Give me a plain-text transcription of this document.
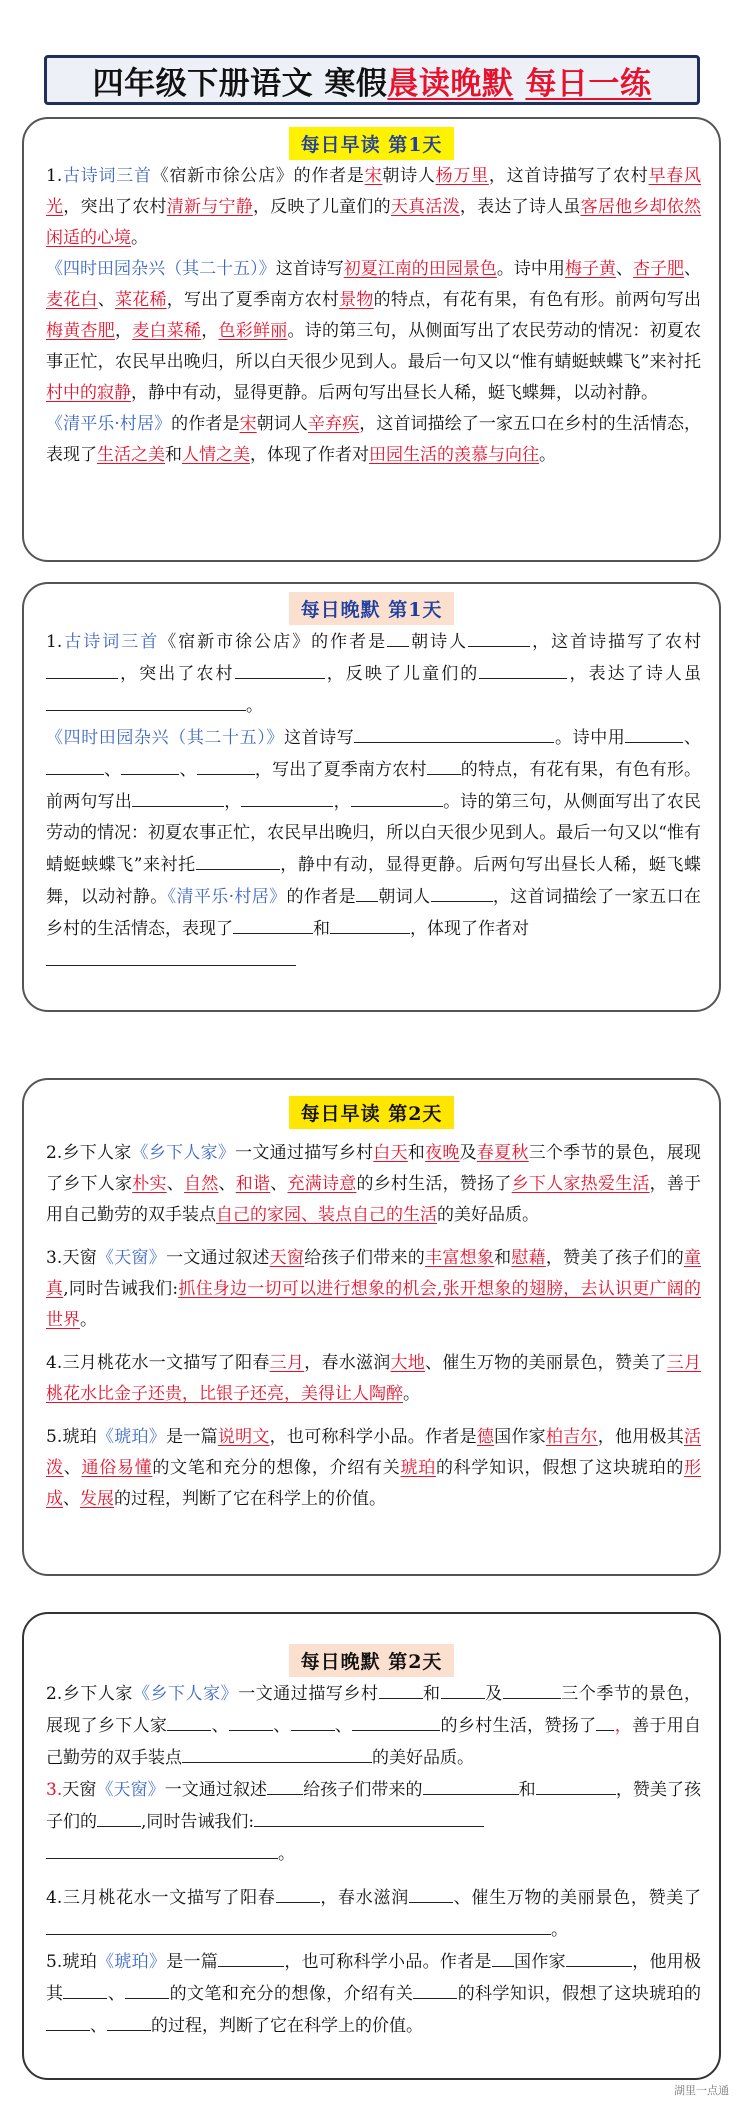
四年级下册语文 寒假 晨读晚默 每日一练
每日早读 第1天

1.古诗词三首《宿新市徐公店》的作者是宋朝诗人杨万里，这首诗描写了农村早春风光，突出了农村清新与宁静，反映了儿童们的天真活泼，表达了诗人虽客居他乡却依然闲适的心境。

《四时田园杂兴（其二十五）》这首诗写初夏江南的田园景色。诗中用梅子黄、杏子肥、麦花白、菜花稀，写出了夏季南方农村景物的特点，有花有果，有色有形。前两句写出梅黄杏肥，麦白菜稀，色彩鲜丽。诗的第三句，从侧面写出了农民劳动的情况：初夏农事正忙，农民早出晚归，所以白天很少见到人。最后一句又以“惟有蜻蜓蛱蝶飞”来衬托村中的寂静，静中有动，显得更静。后两句写出昼长人稀，蜓飞蝶舞，以动衬静。

《清平乐·村居》的作者是宋朝词人辛弃疾，这首词描绘了一家五口在乡村的生活情态，表现了生活之美和人情之美，体现了作者对田园生活的羡慕与向往。

每日晚默 第1天

1.古诗词三首《宿新市徐公店》的作者是 朝诗人	，这首诗描写了农村，突出了农村	，反映了儿童们的	，表达了诗人虽。

《四时田园杂兴（其二十五）》这首诗写	。诗中用	、、	、	，写出了夏季南方农村 的特点，有花有果，有色有形。前两句写出	，	，	。诗的第三句，从侧面写出了农民劳动的情况：初夏农事正忙，农民早出晚归，所以白天很少见到人。最后一句又以“惟有蜻蜓蛱蝶飞”来衬托	，静中有动，显得更静。后两句写出昼长人稀，蜓飞蝶舞，以动衬静。《清平乐·村居》的作者是 朝词人	，这首词描绘了一家五口在乡村的生活情态，表现了	和	，体现了作者对

每日早读 第2天

2.乡下人家《乡下人家》一文通过描写乡村白天和夜晚及春夏秋三个季节的景色，展现了乡下人家朴实、自然、和谐、充满诗意的乡村生活，赞扬了乡下人家热爱生活，善于用自己勤劳的双手装点自己的家园、装点自己的生活的美好品质。

3.天窗《天窗》一文通过叙述天窗给孩子们带来的丰富想象和慰藉，赞美了孩子们的童真,同时告诫我们:抓住身边一切可以进行想象的机会,张开想象的翅膀，去认识更广阔的世界。

4.三月桃花水一文描写了阳春三月，春水滋润大地、催生万物的美丽景色，赞美了三月桃花水比金子还贵，比银子还亮，美得让人陶醉。

5.琥珀《琥珀》是一篇说明文，也可称科学小品。作者是德国作家柏吉尔，他用极其活泼、通俗易懂的文笔和充分的想像，介绍有关琥珀的科学知识，假想了这块琥珀的形成、发展的过程，判断了它在科学上的价值。

每日晚默 第2天

2.乡下人家《乡下人家》一文通过描写乡村	和	及	三个季节的景色，展现了乡下人家	、	、	、	的乡村生活，赞扬了 ，善于用自己勤劳的双手装点	的美好品质。

3.天窗《天窗》一文通过叙述 给孩子们带来的	和	，赞美了孩子们的	,同时告诫我们:
。

4.三月桃花水一文描写了阳春	，春水滋润	、催生万物的美丽景色，赞美了。

5.琥珀《琥珀》是一篇	，也可称科学小品。作者是 国作家	，他用极其	、	的文笔和充分的想像，介绍有关	的科学知识，假想了这块琥珀的、	的过程，判断了它在科学上的价值。

湖里一点通
